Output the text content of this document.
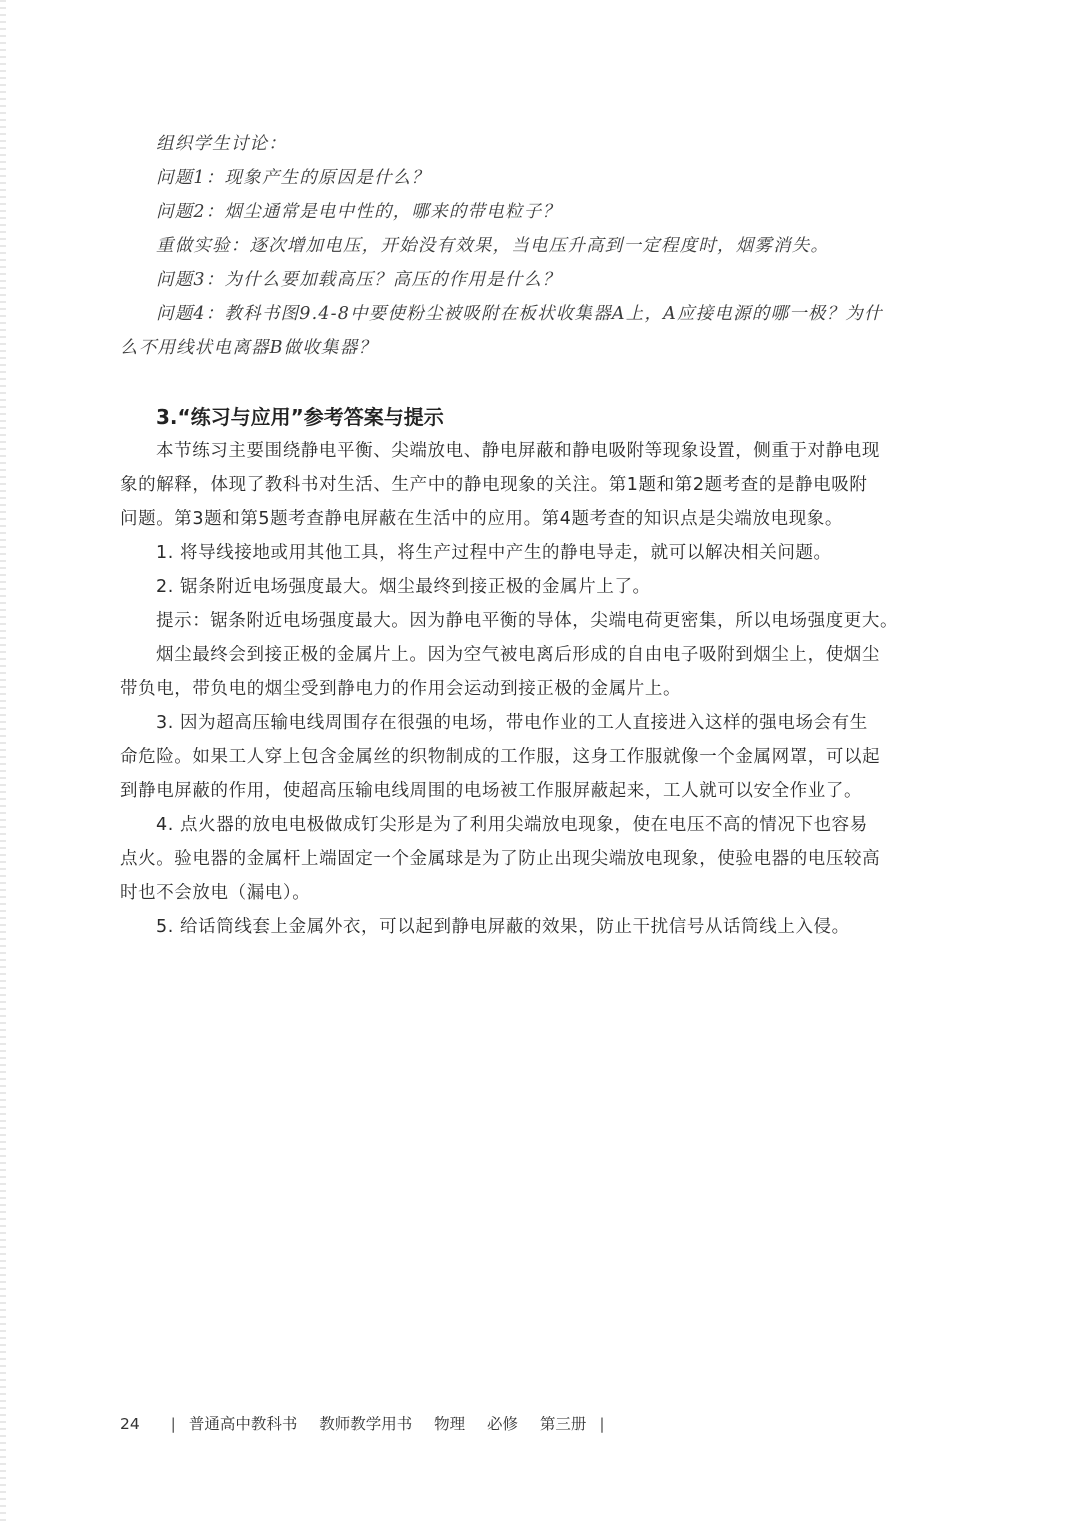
组织学生讨论：
问题1：现象产生的原因是什么？
问题2：烟尘通常是电中性的，哪来的带电粒子？
重做实验：逐次增加电压，开始没有效果，当电压升高到一定程度时，烟雾消失。
问题3：为什么要加载高压？高压的作用是什么？
问题4：教科书图9.4-8中要使粉尘被吸附在板状收集器A上，A应接电源的哪一极？为什
么不用线状电离器B做收集器？
3.“练习与应用”参考答案与提示
本节练习主要围绕静电平衡、尖端放电、静电屏蔽和静电吸附等现象设置，侧重于对静电现
象的解释，体现了教科书对生活、生产中的静电现象的关注。第1题和第2题考查的是静电吸附
问题。第3题和第5题考查静电屏蔽在生活中的应用。第4题考查的知识点是尖端放电现象。
1. 将导线接地或用其他工具，将生产过程中产生的静电导走，就可以解决相关问题。
2. 锯条附近电场强度最大。烟尘最终到接正极的金属片上了。
提示：锯条附近电场强度最大。因为静电平衡的导体，尖端电荷更密集，所以电场强度更大。
烟尘最终会到接正极的金属片上。因为空气被电离后形成的自由电子吸附到烟尘上，使烟尘
带负电，带负电的烟尘受到静电力的作用会运动到接正极的金属片上。
3. 因为超高压输电线周围存在很强的电场，带电作业的工人直接进入这样的强电场会有生
命危险。如果工人穿上包含金属丝的织物制成的工作服，这身工作服就像一个金属网罩，可以起
到静电屏蔽的作用，使超高压输电线周围的电场被工作服屏蔽起来，工人就可以安全作业了。
4. 点火器的放电电极做成钉尖形是为了利用尖端放电现象，使在电压不高的情况下也容易
点火。验电器的金属杆上端固定一个金属球是为了防止出现尖端放电现象，使验电器的电压较高
时也不会放电（漏电）。
5. 给话筒线套上金属外衣，可以起到静电屏蔽的效果，防止干扰信号从话筒线上入侵。
24 | 普通高中教科书 教师教学用书 物理 必修 第三册 |
